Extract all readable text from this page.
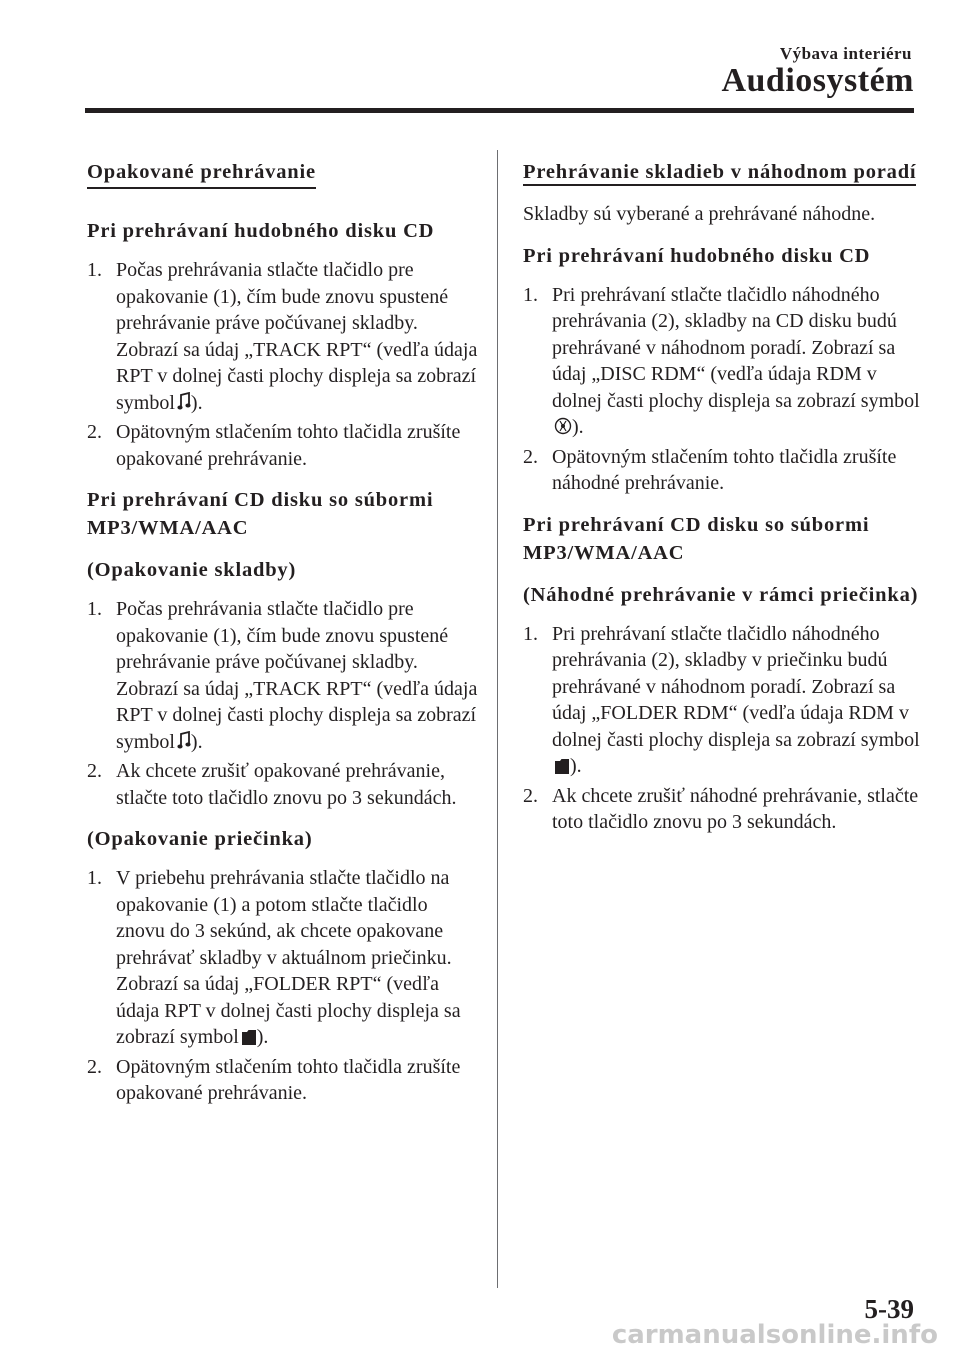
Výbava interiéru
Audiosystém
Opakované prehrávanie
Pri prehrávaní hudobného disku CD
1. Počas prehrávania stlačte tlačidlo pre opakovanie (1), čím bude znovu spustené prehrávanie práve počúvanej skladby. Zobrazí sa údaj „TRACK RPT“ (vedľa údaja RPT v dolnej časti plochy displeja sa zobrazí symbol ).
2. Opätovným stlačením tohto tlačidla zrušíte opakované prehrávanie.
Pri prehrávaní CD disku so súbormi MP3/WMA/AAC
(Opakovanie skladby)
1. Počas prehrávania stlačte tlačidlo pre opakovanie (1), čím bude znovu spustené prehrávanie práve počúvanej skladby. Zobrazí sa údaj „TRACK RPT“ (vedľa údaja RPT v dolnej časti plochy displeja sa zobrazí symbol ).
2. Ak chcete zrušiť opakované prehrávanie, stlačte toto tlačidlo znovu po 3 sekundách.
(Opakovanie priečinka)
1. V priebehu prehrávania stlačte tlačidlo na opakovanie (1) a potom stlačte tlačidlo znovu do 3 sekúnd, ak chcete opakovane prehrávať skladby v aktuálnom priečinku. Zobrazí sa údaj „FOLDER RPT“ (vedľa údaja RPT v dolnej časti plochy displeja sa zobrazí symbol ).
2. Opätovným stlačením tohto tlačidla zrušíte opakované prehrávanie.
Prehrávanie skladieb v náhodnom poradí

Skladby sú vyberané a prehrávané náhodne.

Pri prehrávaní hudobného disku CD
1. Pri prehrávaní stlačte tlačidlo náhodného prehrávania (2), skladby na CD disku budú prehrávané v náhodnom poradí. Zobrazí sa údaj „DISC RDM“ (vedľa údaja RDM v dolnej časti plochy displeja sa zobrazí symbol).
2. Opätovným stlačením tohto tlačidla zrušíte náhodné prehrávanie.
Pri prehrávaní CD disku so súbormi MP3/WMA/AAC
(Náhodné prehrávanie v rámci priečinka)
1. Pri prehrávaní stlačte tlačidlo náhodného prehrávania (2), skladby v priečinku budú prehrávané v náhodnom poradí. Zobrazí sa údaj „FOLDER RDM“ (vedľa údaja RDM v dolnej časti plochy displeja sa zobrazí symbol).
2. Ak chcete zrušiť náhodné prehrávanie, stlačte toto tlačidlo znovu po 3 sekundách.
5-39
carmanualsonline.info
